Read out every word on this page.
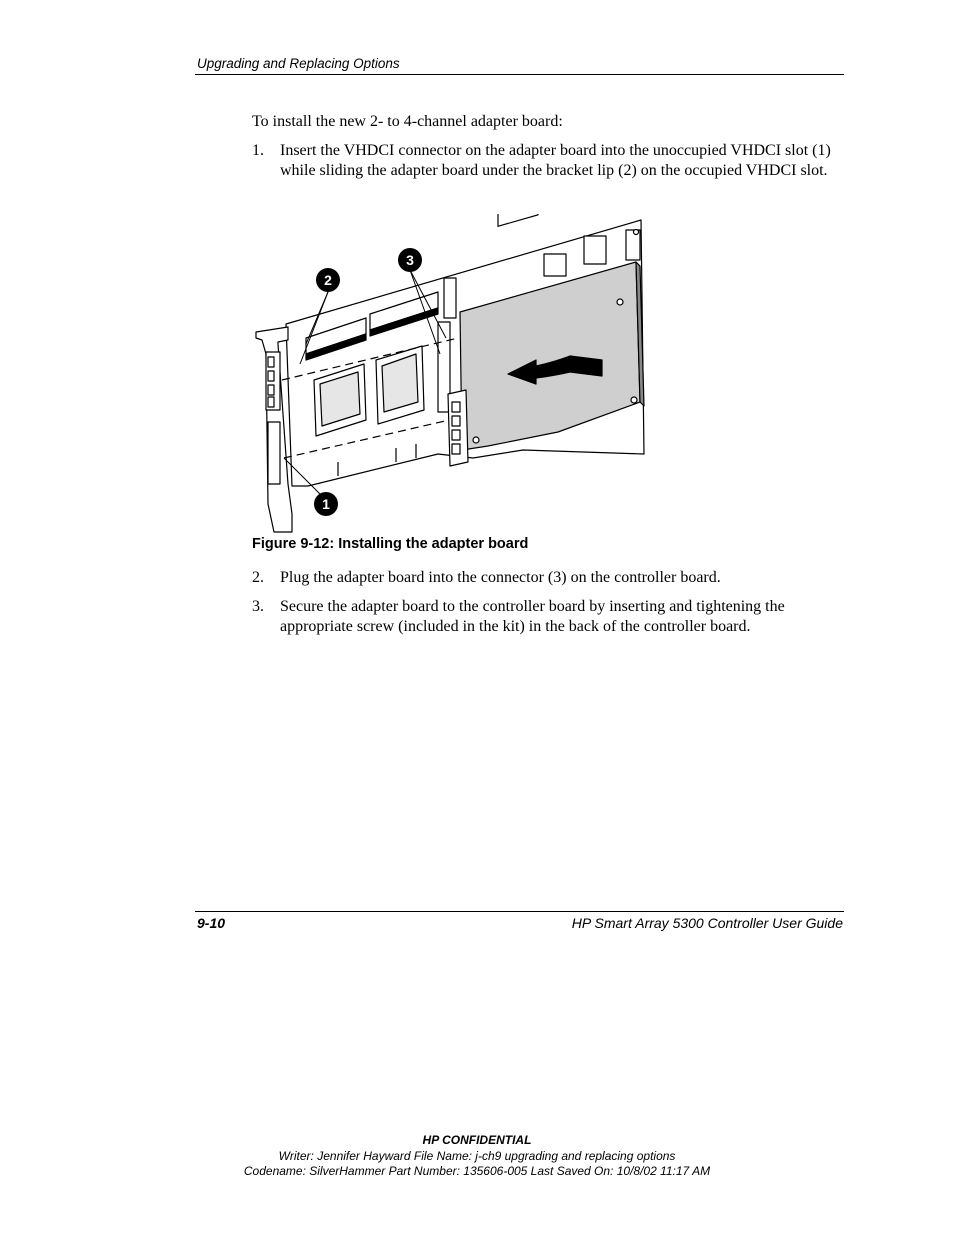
Upgrading and Replacing Options
To install the new 2- to 4-channel adapter board:
1.	Insert the VHDCI connector on the adapter board into the unoccupied VHDCI slot (1) while sliding the adapter board under the bracket lip (2) on the occupied VHDCI slot.
2
3
1
Figure 9-12: Installing the adapter board
2.	Plug the adapter board into the connector (3) on the controller board.
3.	Secure the adapter board to the controller board by inserting and tightening the appropriate screw (included in the kit) in the back of the controller board.
9-10	HP Smart Array 5300 Controller User Guide
HP CONFIDENTIAL
Writer: Jennifer Hayward File Name: j-ch9 upgrading and replacing options
Codename: SilverHammer Part Number: 135606-005 Last Saved On: 10/8/02 11:17 AM
